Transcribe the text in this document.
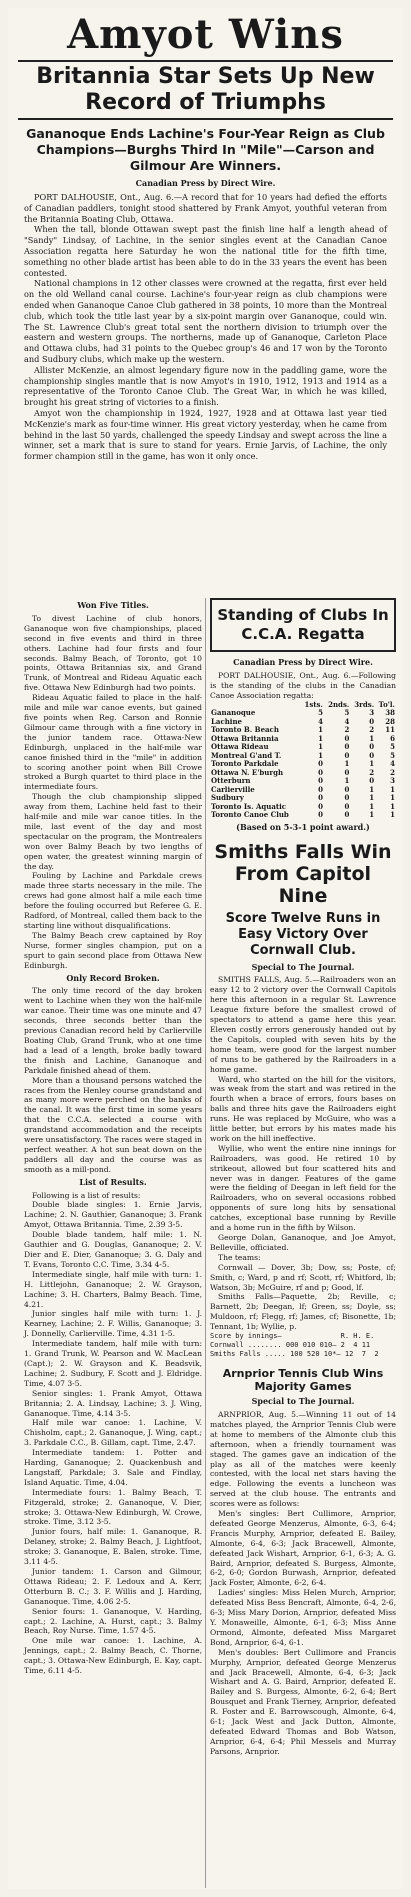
Amyot Wins
Britannia Star Sets Up New Record of Triumphs
Gananoque Ends Lachine's Four-Year Reign as Club Champions—Burghs Third In "Mile"—Carson and Gilmour Are Winners.
Canadian Press by Direct Wire.

PORT DALHOUSIE, Ont., Aug. 6.—A record that for 10 years had defied the efforts of Canadian paddlers, tonight stood shattered by Frank Amyot, youthful veteran from the Britannia Boating Club, Ottawa.

When the tall, blonde Ottawan swept past the finish line half a length ahead of "Sandy" Lindsay, of Lachine, in the senior singles event at the Canadian Canoe Association regatta here Saturday he won the national title for the fifth time, something no other blade artist has been able to do in the 33 years the event has been contested.

National champions in 12 other classes were crowned at the regatta, first ever held on the old Welland canal course. Lachine's four-year reign as club champions were ended when Gananoque Canoe Club gathered in 38 points, 10 more than the Montreal club, which took the title last year by a six-point margin over Gananoque, could win. The St. Lawrence Club's great total sent the northern division to triumph over the eastern and western groups. The northerns, made up of Gananoque, Carleton Place and Ottawa clubs, had 31 points to the Quebec group's 46 and 17 won by the Toronto and Sudbury clubs, which make up the western.

Allister McKenzie, an almost legendary figure now in the paddling game, wore the championship singles mantle that is now Amyot's in 1910, 1912, 1913 and 1914 as a representative of the Toronto Canoe Club. The Great War, in which he was killed, brought his great string of victories to a finish.

Amyot won the championship in 1924, 1927, 1928 and at Ottawa last year tied McKenzie's mark as four-time winner. His great victory yesterday, when he came from behind in the last 50 yards, challenged the speedy Lindsay and swept across the line a winner, set a mark that is sure to stand for years. Ernie Jarvis, of Lachine, the only former champion still in the game, has won it only once.

Won Five Titles.

To divest Lachine of club honors, Gananoque won five championships, placed second in five events and third in three others. Lachine had four firsts and four seconds. Balmy Beach, of Toronto, got 10 points, Ottawa Britannias six, and Grand Trunk, of Montreal and Rideau Aquatic each five. Ottawa New Edinburgh had two points.

Rideau Aquatic failed to place in the half-mile and mile war canoe events, but gained five points when Reg. Carson and Ronnie Gilmour came through with a fine victory in the junior tandem race. Ottawa-New Edinburgh, unplaced in the half-mile war canoe finished third in the "mile" in addition to scoring another point when Bill Crowe stroked a Burgh quartet to third place in the intermediate fours.

Though the club championship slipped away from them, Lachine held fast to their half-mile and mile war canoe titles. In the mile, last event of the day and most spectacular on the program, the Montrealers won over Balmy Beach by two lengths of open water, the greatest winning margin of the day.

Fouling by Lachine and Parkdale crews made three starts necessary in the mile. The crews had gone almost half a mile each time before the fouling occurred but Referee G. E. Radford, of Montreal, called them back to the starting line without disqualifications.

The Balmy Beach crew captained by Roy Nurse, former singles champion, put on a spurt to gain second place from Ottawa New Edinburgh.

Only Record Broken.

The only time record of the day broken went to Lachine when they won the half-mile war canoe. Their time was one minute and 47 seconds, three seconds better than the previous Canadian record held by Carlierville Boating Club, Grand Trunk, who at one time had a lead of a length, broke badly toward the finish and Lachine, Gananoque and Parkdale finished ahead of them.

More than a thousand persons watched the races from the Henley course grandstand and as many more were perched on the banks of the canal. It was the first time in some years that the C.C.A. selected a course with grandstand accommodation and the receipts were unsatisfactory. The races were staged in perfect weather. A hot sun beat down on the paddlers all day and the course was as smooth as a mill-pond.

List of Results.

Following is a list of results:

Double blade singles: 1. Ernie Jarvis, Lachine; 2. N. Gauthier, Gananoque; 3. Frank Amyot, Ottawa Britannia. Time, 2.39 3-5.

Double blade tandem, half mile: 1. N. Gauthier and G. Douglas, Gananoque; 2. V. Dier and E. Dier, Gananoque; 3. G. Daly and T. Evans, Toronto C.C. Time, 3.34 4-5.

Intermediate single, half mile with turn: 1. H. Littlejohn, Gananoque; 2. W. Grayson, Lachine; 3. H. Charters, Balmy Beach. Time, 4.21.

Junior singles half mile with turn: 1. J. Kearney, Lachine; 2. F. Willis, Gananoque; 3. J. Donnelly, Carlierville. Time, 4.31 1-5.

Intermediate tandem, half mile with turn: 1. Grand Trunk, W. Pearson and W. MacLean (Capt.); 2. W. Grayson and K. Beadsvik, Lachine; 2. Sudbury, F. Scott and J. Eldridge. Time, 4.07 3-5.

Senior singles: 1. Frank Amyot, Ottawa Britannia; 2. A. Lindsay, Lachine; 3. J. Wing, Gananoque. Time, 4.14 3-5.

Half mile war canoe: 1. Lachine, V. Chisholm, capt.; 2. Gananoque, J. Wing, capt.; 3. Parkdale C.C., B. Gillam, capt. Time, 2.47.

Intermediate tandem: 1. Potter and Harding, Gananoque; 2. Quackenbush and Langstaff, Parkdale; 3. Sale and Findlay, Island Aquatic. Time, 4.04.

Intermediate fours: 1. Balmy Beach, T. Fitzgerald, stroke; 2. Gananoque, V. Dier, stroke; 3. Ottawa-New Edinburgh, W. Crowe, stroke. Time, 3.12 3-5.

Junior fours, half mile: 1. Gananoque, R. Delaney, stroke; 2. Balmy Beach, J. Lightfoot, stroke; 3. Gananoque, E. Balen, stroke. Time, 3.11 4-5.

Junior tandem: 1. Carson and Gilmour, Ottawa Rideau; 2. F. Ledoux and A. Kerr, Otterburn B. C.; 3. F. Willis and J. Harding, Gananoque. Time, 4.06 2-5.

Senior fours: 1. Gananoque, V. Harding, capt.; 2. Lachine, A. Hurst, capt.; 3. Balmy Beach, Roy Nurse. Time, 1.57 4-5.

One mile war canoe: 1. Lachine, A. Jennings, capt.; 2. Balmy Beach, C. Thorne, capt.; 3. Ottawa-New Edinburgh, E. Kay, capt. Time, 6.11 4-5.

Standing of Clubs In C.C.A. Regatta
Canadian Press by Direct Wire.

PORT DALHOUSIE, Ont., Aug. 6.—Following is the standing of the clubs in the Canadian Canoe Association regatta:

	1sts.	2nds.	3rds.	To'l.
Gananoque	5	5	3	38
Lachine	4	4	0	28
Toronto B. Beach	1	2	2	11
Ottawa Britannia	1	0	1	6
Ottawa Rideau	1	0	0	5
Montreal G'and T.	1	0	0	5
Toronto Parkdale	0	1	1	4
Ottawa N. E'burgh	0	0	2	2
Otterburn	0	1	0	3
Carlierville	0	0	1	1
Sudbury	0	0	1	1
Toronto Is. Aquatic	0	0	1	1
Toronto Canoe Club	0	0	1	1
(Based on 5-3-1 point award.)
Smiths Falls Win From Capitol Nine
Score Twelve Runs in Easy Victory Over Cornwall Club.
Special to The Journal.

SMITHS FALLS, Aug. 5.—Railroaders won an easy 12 to 2 victory over the Cornwall Capitols here this afternoon in a regular St. Lawrence League fixture before the smallest crowd of spectators to attend a game here this year. Eleven costly errors generously handed out by the Capitols, coupled with seven hits by the home team, were good for the largest number of runs to be gathered by the Railroaders in a home game.

Ward, who started on the hill for the visitors, was weak from the start and was retired in the fourth when a brace of errors, fours bases on balls and three hits gave the Railroaders eight runs. He was replaced by McGuire, who was a little better, but errors by his mates made his work on the hill ineffective.

Wyllie, who went the entire nine innings for Railroaders, was good. He retired 10 by strikeout, allowed but four scattered hits and never was in danger. Features of the game were the fielding of Deegan in left field for the Railroaders, who on several occasions robbed opponents of sure long hits by sensational catches, exceptional base running by Reville and a home run in the fifth by Wilson.

George Dolan, Gananoque, and Joe Amyot, Belleville, officiated.

The teams:

Cornwall — Dover, 3b; Dow, ss; Poste, cf; Smith, c; Ward, p and rf; Scott, rf; Whitford, lb; Watson, 3b; McGuire, rf and p; Good, lf.

Smiths Falls—Paquette, 2b; Reville, c; Barnett, 2b; Deegan, lf; Green, ss; Doyle, ss; Muldoon, rf; Flegg, rf; James, cf; Bisonette, 1b; Tennant, 1b; Wyllie, p.

Score by innings—              R. H. E.
Cornwall ........ 000 010 010— 2  4 11
Smiths Falls ..... 100 520 10*— 12  7  2
Arnprior Tennis Club Wins Majority Games
Special to The Journal.

ARNPRIOR, Aug. 5.—Winning 11 out of 14 matches played, the Arnprior Tennis Club were at home to members of the Almonte club this afternoon, when a friendly tournament was staged. The games gave an indication of the play as all of the matches were keenly contested, with the local net stars having the edge. Following the events a luncheon was served at the club house. The entrants and scores were as follows:

Men's singles: Bert Cullimore, Arnprior, defeated George Menzerus, Almonte, 6-3, 6-4; Francis Murphy, Arnprior, defeated E. Bailey, Almonte, 6-4, 6-3; Jack Bracewell, Almonte, defeated Jack Wishart, Arnprior, 6-1, 6-3; A. G. Baird, Arnprior, defeated S. Burgess, Almonte, 6-2, 6-0; Gordon Burwash, Arnprior, defeated Jack Foster, Almonte, 6-2, 6-4.

Ladies' singles: Miss Helen Murch, Arnprior, defeated Miss Bess Bencraft, Almonte, 6-4, 2-6, 6-3; Miss Mary Dorion, Arnprior, defeated Miss Y. Monaweille, Almonte, 6-1, 6-3; Miss Anne Ormond, Almonte, defeated Miss Margaret Bond, Arnprior, 6-4, 6-1.

Men's doubles: Bert Cullimore and Francis Murphy, Arnprior, defeated George Menzerus and Jack Bracewell, Almonte, 6-4, 6-3; Jack Wishart and A. G. Baird, Arnprior, defeated E. Bailey and S. Burgess, Almonte, 6-2, 6-4; Bert Bousquet and Frank Tierney, Arnprior, defeated R. Foster and E. Barrowscough, Almonte, 6-4, 6-1; Jack West and Jack Dutton, Almonte, defeated Edward Thomas and Bob Watson, Arnprior, 6-4, 6-4; Phil Messels and Murray Parsons, Arnprior.
